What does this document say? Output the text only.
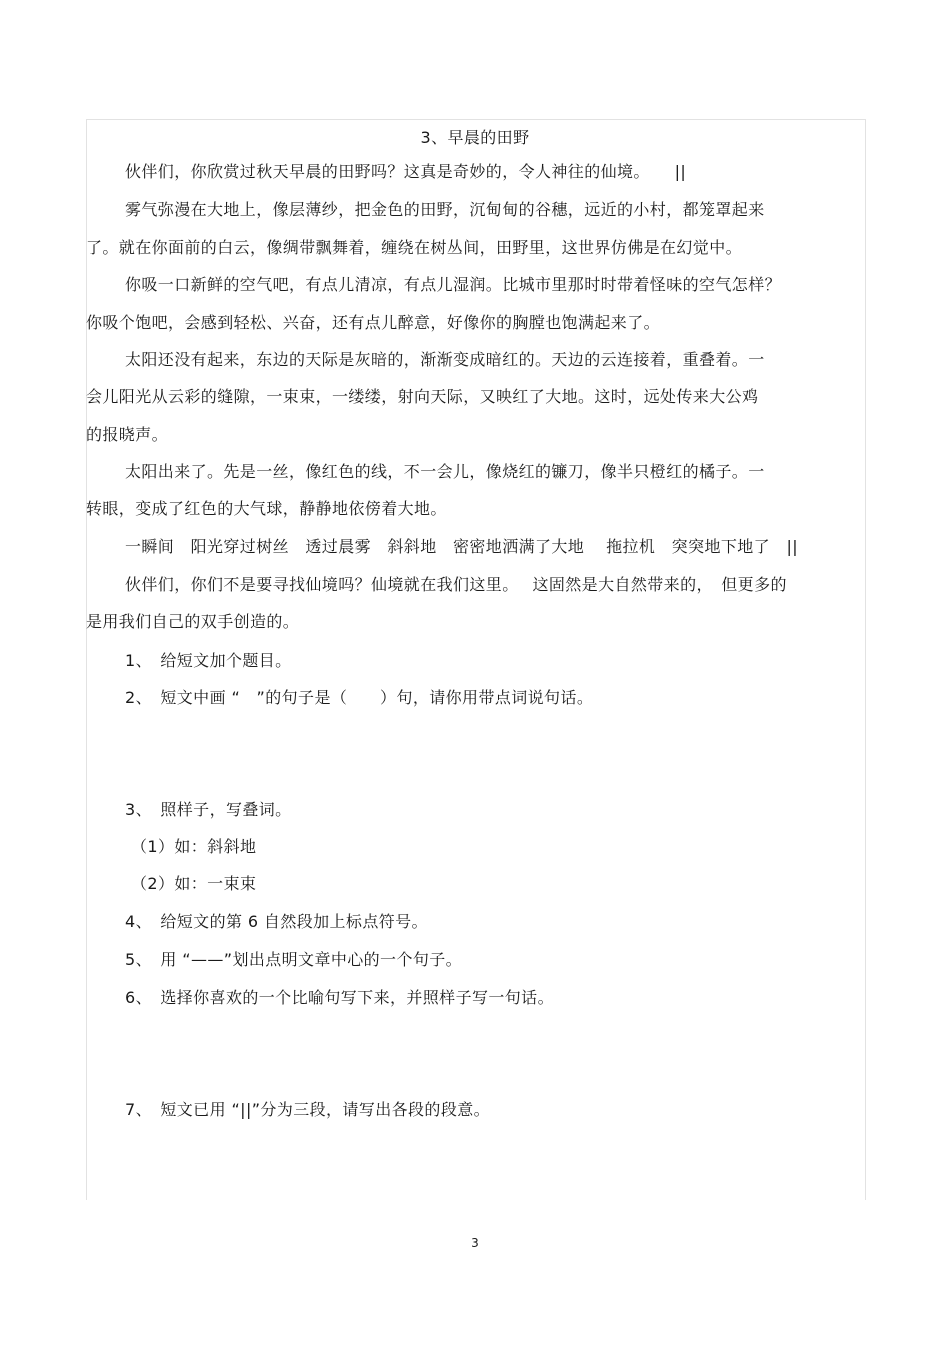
3、早晨的田野
伙伴们，你欣赏过秋天早晨的田野吗？这真是奇妙的，令人神往的仙境。　　||
雾气弥漫在大地上，像层薄纱，把金色的田野，沉甸甸的谷穗，远近的小村，都笼罩起来
了。就在你面前的白云，像绸带飘舞着，缠绕在树丛间，田野里，这世界仿佛是在幻觉中。
你吸一口新鲜的空气吧，有点儿清凉，有点儿湿润。比城市里那时时带着怪味的空气怎样？
你吸个饱吧，会感到轻松、兴奋，还有点儿醉意，好像你的胸膛也饱满起来了。
太阳还没有起来，东边的天际是灰暗的，渐渐变成暗红的。天边的云连接着，重叠着。一
会儿阳光从云彩的缝隙，一束束，一缕缕，射向天际，又映红了大地。这时，远处传来大公鸡
的报晓声。
太阳出来了。先是一丝，像红色的线，不一会儿，像烧红的镰刀，像半只橙红的橘子。一
转眼，变成了红色的大气球，静静地依傍着大地。
一瞬间　阳光穿过树丝　透过晨雾　斜斜地　密密地洒满了大地　 拖拉机　突突地下地了　||
伙伴们，你们不是要寻找仙境吗？仙境就在我们这里。　 这固然是大自然带来的，　但更多的
是用我们自己的双手创造的。
1、　给短文加个题目。
2、　短文中画 “　”的句子是（　　）句，请你用带点词说句话。
3、　照样子，写叠词。
（1）如：斜斜地
（2）如：一束束
4、　给短文的第 6 自然段加上标点符号。
5、　用 “——”划出点明文章中心的一个句子。
6、　选择你喜欢的一个比喻句写下来，并照样子写一句话。
7、　短文已用 “||”分为三段，请写出各段的段意。
3
